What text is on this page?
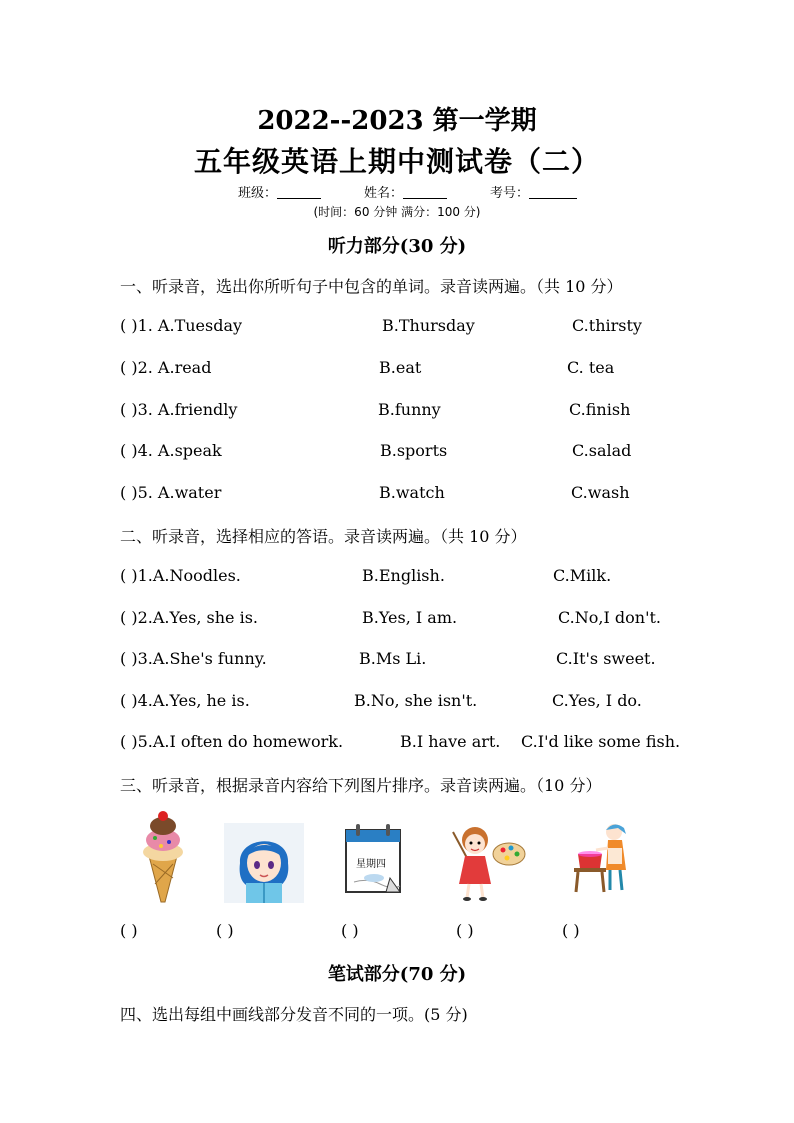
2022--2023 第一学期
五年级英语上期中测试卷（二）
班级：	姓名：	考号：
(时间：60 分钟 满分：100 分)
听力部分(30 分)
一、听录音，选出你所听句子中包含的单词。录音读两遍。（共 10 分）
( )1. A.Tuesday	B.Thursday	C.thirsty
( )2. A.read	B.eat	C. tea
( )3. A.friendly	B.funny	C.finish
( )4. A.speak	B.sports	C.salad
( )5. A.water	B.watch	C.wash
二、听录音，选择相应的答语。录音读两遍。（共 10 分）
( )1.A.Noodles.	B.English.	C.Milk.
( )2.A.Yes, she is.	B.Yes, I am.	C.No,I don't.
( )3.A.She's funny.	B.Ms Li.	C.It's sweet.
( )4.A.Yes, he is.	B.No, she isn't.	C.Yes, I do.
( )5.A.I often do homework.	B.I have art. C.I'd like some fish.
三、听录音，根据录音内容给下列图片排序。录音读两遍。（10 分）
星期四
( )	( )	( )	( )	( )
笔试部分(70 分)
四、选出每组中画线部分发音不同的一项。(5 分)
